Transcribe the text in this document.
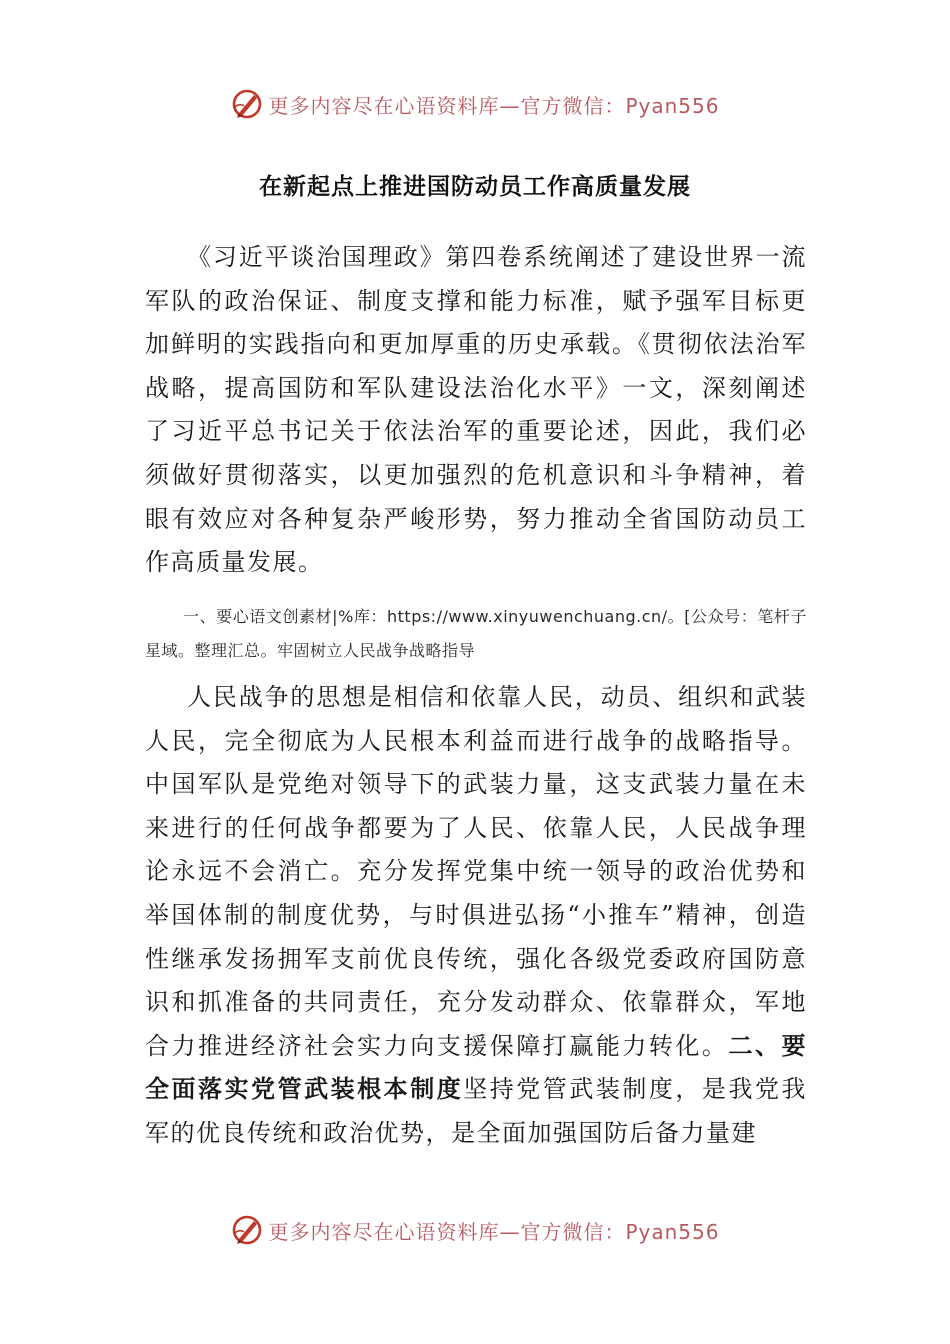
更多内容尽在心语资料库—官方微信：Pyan556
在新起点上推进国防动员工作高质量发展
《习近平谈治国理政》第四卷系统阐述了建设世界一流军队的政治保证、制度支撑和能力标准，赋予强军目标更加鲜明的实践指向和更加厚重的历史承载。《贯彻依法治军战略，提高国防和军队建设法治化水平》一文，深刻阐述了习近平总书记关于依法治军的重要论述，因此，我们必须做好贯彻落实，以更加强烈的危机意识和斗争精神，着眼有效应对各种复杂严峻形势，努力推动全省国防动员工作高质量发展。
一、要心语文创素材|%库：https://www.xinyuwenchuang.cn/。[公众号：笔杆子星域。整理汇总。牢固树立人民战争战略指导
人民战争的思想是相信和依靠人民，动员、组织和武装人民，完全彻底为人民根本利益而进行战争的战略指导。中国军队是党绝对领导下的武装力量，这支武装力量在未来进行的任何战争都要为了人民、依靠人民，人民战争理论永远不会消亡。充分发挥党集中统一领导的政治优势和举国体制的制度优势，与时俱进弘扬“小推车”精神，创造性继承发扬拥军支前优良传统，强化各级党委政府国防意识和抓准备的共同责任，充分发动群众、依靠群众，军地合力推进经济社会实力向支援保障打赢能力转化。二、要全面落实党管武装根本制度坚持党管武装制度，是我党我军的优良传统和政治优势，是全面加强国防后备力量建
更多内容尽在心语资料库—官方微信：Pyan556
